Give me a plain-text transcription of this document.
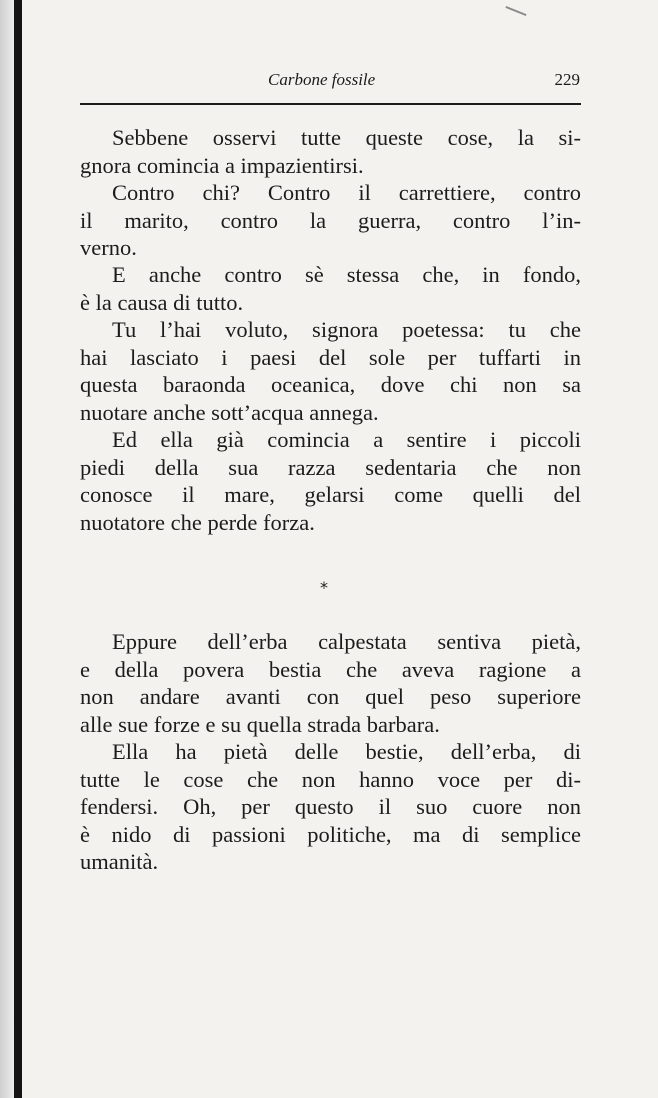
Carbone fossile	229
Sebbene osservi tutte queste cose, la si-
gnora comincia a impazientirsi.
Contro chi? Contro il carrettiere, contro
il marito, contro la guerra, contro l’in-
verno.
E anche contro sè stessa che, in fondo,
è la causa di tutto.
Tu l’hai voluto, signora poetessa: tu che
hai lasciato i paesi del sole per tuffarti in
questa baraonda oceanica, dove chi non sa
nuotare anche sott’acqua annega.
Ed ella già comincia a sentire i piccoli
piedi della sua razza sedentaria che non
conosce il mare, gelarsi come quelli del
nuotatore che perde forza.
*
Eppure dell’erba calpestata sentiva pietà,
e della povera bestia che aveva ragione a
non andare avanti con quel peso superiore
alle sue forze e su quella strada barbara.
Ella ha pietà delle bestie, dell’erba, di
tutte le cose che non hanno voce per di-
fendersi. Oh, per questo il suo cuore non
è nido di passioni politiche, ma di semplice
umanità.
